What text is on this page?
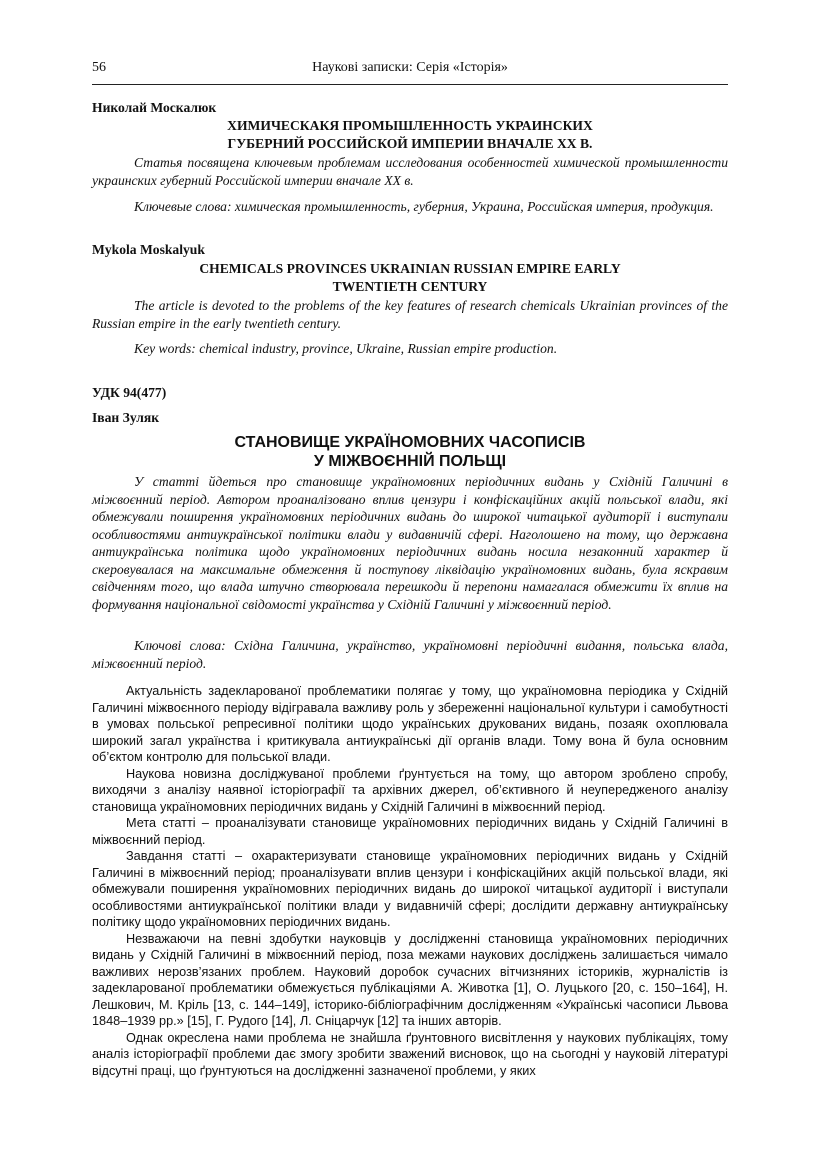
56	Наукові записки: Серія «Історія»
Николай Москалюк
ХИМИЧЕСКАКЯ ПРОМЫШЛЕННОСТЬ УКРАИНСКИХ
ГУБЕРНИЙ РОССИЙСКОЙ ИМПЕРИИ ВНАЧАЛЕ XX В.
Статья посвящена ключевым проблемам исследования особенностей химической промышленности украинских губерний Российской империи вначале XX в.
Ключевые слова: химическая промышленность, губерния, Украина, Российская империя, продукция.
Mykola Moskalyuk
CHEMICALS PROVINCES UKRAINIAN RUSSIAN EMPIRE EARLY
TWENTIETH CENTURY
The article is devoted to the problems of the key features of research chemicals Ukrainian provinces of the Russian empire in the early twentieth century.
Key words: chemical industry, province, Ukraine, Russian empire production.
УДК 94(477)
Іван Зуляк
СТАНОВИЩЕ УКРАЇНОМОВНИХ ЧАСОПИСІВ
У МІЖВОЄННІЙ ПОЛЬЩІ
У статті йдеться про становище україномовних періодичних видань у Східній Галичині в міжвоєнний період. Автором проаналізовано вплив цензури і конфіскаційних акцій польської влади, які обмежували поширення україномовних періодичних видань до широкої читацької аудиторії і виступали особливостями антиукраїнської політики влади у видавничій сфері. Наголошено на тому, що державна антиукраїнська політика щодо україномовних періодичних видань носила незаконний характер й скеровувалася на максимальне обмеження й поступову ліквідацію україномовних видань, була яскравим свідченням того, що влада штучно створювала перешкоди й перепони намагалася обмежити їх вплив на формування національної свідомості українства у Східній Галичині у міжвоєнний період.
Ключові слова: Східна Галичина, українство, україномовні періодичні видання, польська влада, міжвоєнний період.

Актуальність задекларованої проблематики полягає у тому, що україномовна періодика у Східній Галичині міжвоєнного періоду відігравала важливу роль у збереженні національної культури і самобутності в умовах польської репресивної політики щодо українських друкованих видань, позаяк охоплювала широкий загал українства і критикувала антиукраїнські дії органів влади. Тому вона й була основним об’єктом контролю для польської влади.

Наукова новизна досліджуваної проблеми ґрунтується на тому, що автором зроблено спробу, виходячи з аналізу наявної історіографії та архівних джерел, об’єктивного й неупередженого аналізу становища україномовних періодичних видань у Східній Галичині в міжвоєнний період.

Мета статті – проаналізувати становище україномовних періодичних видань у Східній Галичині в міжвоєнний період.

Завдання статті – охарактеризувати становище україномовних періодичних видань у Східній Галичині в міжвоєнний період; проаналізувати вплив цензури і конфіскаційних акцій польської влади, які обмежували поширення україномовних періодичних видань до широкої читацької аудиторії і виступали особливостями антиукраїнської політики влади у видавничій сфері; дослідити державну антиукраїнську політику щодо україномовних періодичних видань.

Незважаючи на певні здобутки науковців у дослідженні становища україномовних періодичних видань у Східній Галичині в міжвоєнний період, поза межами наукових досліджень залишається чимало важливих нерозв’язаних проблем. Науковий доробок сучасних вітчизняних істориків, журналістів із задекларованої проблематики обмежується публікаціями А. Животка [1], О. Луцького [20, с. 150–164], Н. Лешкович, М. Кріль [13, с. 144–149], історико-бібліографічним дослідженням «Українські часописи Львова 1848–1939 рр.» [15], Г. Рудого [14], Л. Сніцарчук [12] та інших авторів.

Однак окреслена нами проблема не знайшла ґрунтовного висвітлення у наукових публікаціях, тому аналіз історіографії проблеми дає змогу зробити зважений висновок, що на сьогодні у науковій літературі відсутні праці, що ґрунтуються на дослідженні зазначеної проблеми, у яких
